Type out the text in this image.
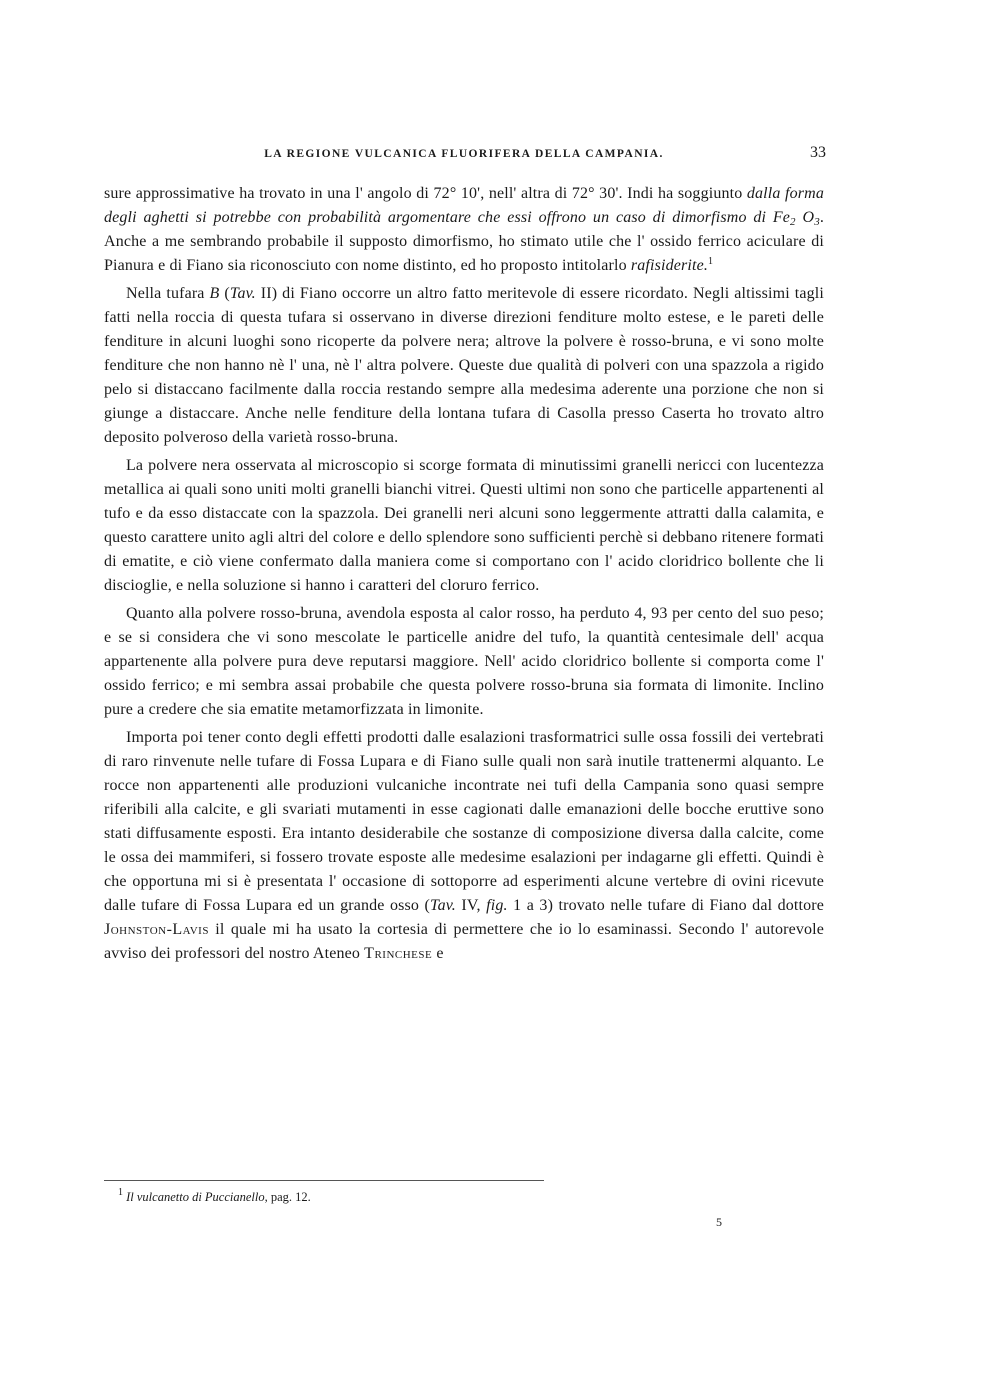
LA REGIONE VULCANICA FLUORIFERA DELLA CAMPANIA.	33

sure approssimative ha trovato in una l' angolo di 72° 10', nell' altra di 72° 30'. Indi ha soggiunto dalla forma degli aghetti si potrebbe con probabilità argomentare che essi offrono un caso di dimorfismo di $Fe_2$ $O_3$. Anche a me sembrando probabile il supposto dimorfismo, ho stimato utile che l' ossido ferrico aciculare di Pianura e di Fiano sia riconosciuto con nome distinto, ed ho proposto intitolarlo rafisiderite.$^1$

Nella tufara B (Tav. II) di Fiano occorre un altro fatto meritevole di essere ricordato. Negli altissimi tagli fatti nella roccia di questa tufara si osservano in diverse direzioni fenditure molto estese, e le pareti delle fenditure in alcuni luoghi sono ricoperte da polvere nera; altrove la polvere è rosso-bruna, e vi sono molte fenditure che non hanno nè l' una, nè l' altra polvere. Queste due qualità di polveri con una spazzola a rigido pelo si distaccano facilmente dalla roccia restando sempre alla medesima aderente una porzione che non si giunge a distaccare. Anche nelle fenditure della lontana tufara di Casolla presso Caserta ho trovato altro deposito polveroso della varietà rosso-bruna.

La polvere nera osservata al microscopio si scorge formata di minutissimi granelli nericci con lucentezza metallica ai quali sono uniti molti granelli bianchi vitrei. Questi ultimi non sono che particelle appartenenti al tufo e da esso distaccate con la spazzola. Dei granelli neri alcuni sono leggermente attratti dalla calamita, e questo carattere unito agli altri del colore e dello splendore sono sufficienti perchè si debbano ritenere formati di ematite, e ciò viene confermato dalla maniera come si comportano con l' acido cloridrico bollente che li discioglie, e nella soluzione si hanno i caratteri del cloruro ferrico.

Quanto alla polvere rosso-bruna, avendola esposta al calor rosso, ha perduto 4, 93 per cento del suo peso; e se si considera che vi sono mescolate le particelle anidre del tufo, la quantità centesimale dell' acqua appartenente alla polvere pura deve reputarsi maggiore. Nell' acido cloridrico bollente si comporta come l' ossido ferrico; e mi sembra assai probabile che questa polvere rosso-bruna sia formata di limonite. Inclino pure a credere che sia ematite metamorfizzata in limonite.

Importa poi tener conto degli effetti prodotti dalle esalazioni trasformatrici sulle ossa fossili dei vertebrati di raro rinvenute nelle tufare di Fossa Lupara e di Fiano sulle quali non sarà inutile trattenermi alquanto. Le rocce non appartenenti alle produzioni vulcaniche incontrate nei tufi della Campania sono quasi sempre riferibili alla calcite, e gli svariati mutamenti in esse cagionati dalle emanazioni delle bocche eruttive sono stati diffusamente esposti. Era intanto desiderabile che sostanze di composizione diversa dalla calcite, come le ossa dei mammiferi, si fossero trovate esposte alle medesime esalazioni per indagarne gli effetti. Quindi è che opportuna mi si è presentata l' occasione di sottoporre ad esperimenti alcune vertebre di ovini ricevute dalle tufare di Fossa Lupara ed un grande osso (Tav. IV, fig. 1 a 3) trovato nelle tufare di Fiano dal dottore Johnston-Lavis il quale mi ha usato la cortesia di permettere che io lo esaminassi. Secondo l' autorevole avviso dei professori del nostro Ateneo Trinchese e

$^1$ Il vulcanetto di Puccianello, pag. 12.
5
